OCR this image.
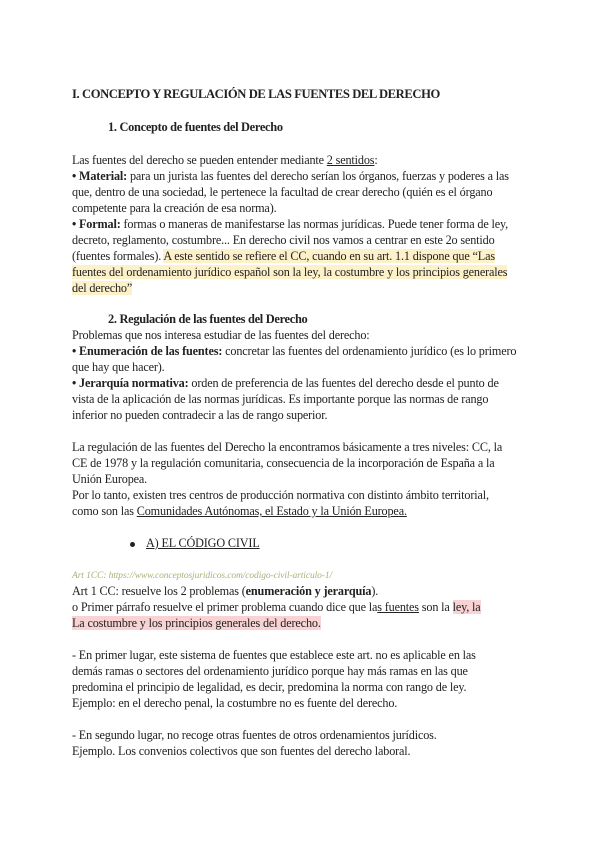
I. CONCEPTO Y REGULACIÓN DE LAS FUENTES DEL DERECHO
1. Concepto de fuentes del Derecho
Las fuentes del derecho se pueden entender mediante 2 sentidos:
• Material: para un jurista las fuentes del derecho serían los órganos, fuerzas y poderes a las
que, dentro de una sociedad, le pertenece la facultad de crear derecho (quién es el órgano
competente para la creación de esa norma).
• Formal: formas o maneras de manifestarse las normas jurídicas. Puede tener forma de ley,
decreto, reglamento, costumbre... En derecho civil nos vamos a centrar en este 2o sentido
(fuentes formales). A este sentido se refiere el CC, cuando en su art. 1.1 dispone que “Las
fuentes del ordenamiento jurídico español son la ley, la costumbre y los principios generales
del derecho”
2. Regulación de las fuentes del Derecho
Problemas que nos interesa estudiar de las fuentes del derecho:
• Enumeración de las fuentes: concretar las fuentes del ordenamiento jurídico (es lo primero
que hay que hacer).
• Jerarquía normativa: orden de preferencia de las fuentes del derecho desde el punto de
vista de la aplicación de las normas jurídicas. Es importante porque las normas de rango
inferior no pueden contradecir a las de rango superior.
La regulación de las fuentes del Derecho la encontramos básicamente a tres niveles: CC, la
CE de 1978 y la regulación comunitaria, consecuencia de la incorporación de España a la
Unión Europea.
Por lo tanto, existen tres centros de producción normativa con distinto ámbito territorial,
como son las Comunidades Autónomas, el Estado y la Unión Europea.
A) EL CÓDIGO CIVIL
Art 1CC: https://www.conceptosjuridicos.com/codigo-civil-articulo-1/
Art 1 CC: resuelve los 2 problemas (enumeración y jerarquía).
o Primer párrafo resuelve el primer problema cuando dice que las fuentes son la ley, la
La costumbre y los principios generales del derecho.
- En primer lugar, este sistema de fuentes que establece este art. no es aplicable en las
demás ramas o sectores del ordenamiento jurídico porque hay más ramas en las que
predomina el principio de legalidad, es decir, predomina la norma con rango de ley.
Ejemplo: en el derecho penal, la costumbre no es fuente del derecho.
- En segundo lugar, no recoge otras fuentes de otros ordenamientos jurídicos.
Ejemplo. Los convenios colectivos que son fuentes del derecho laboral.
